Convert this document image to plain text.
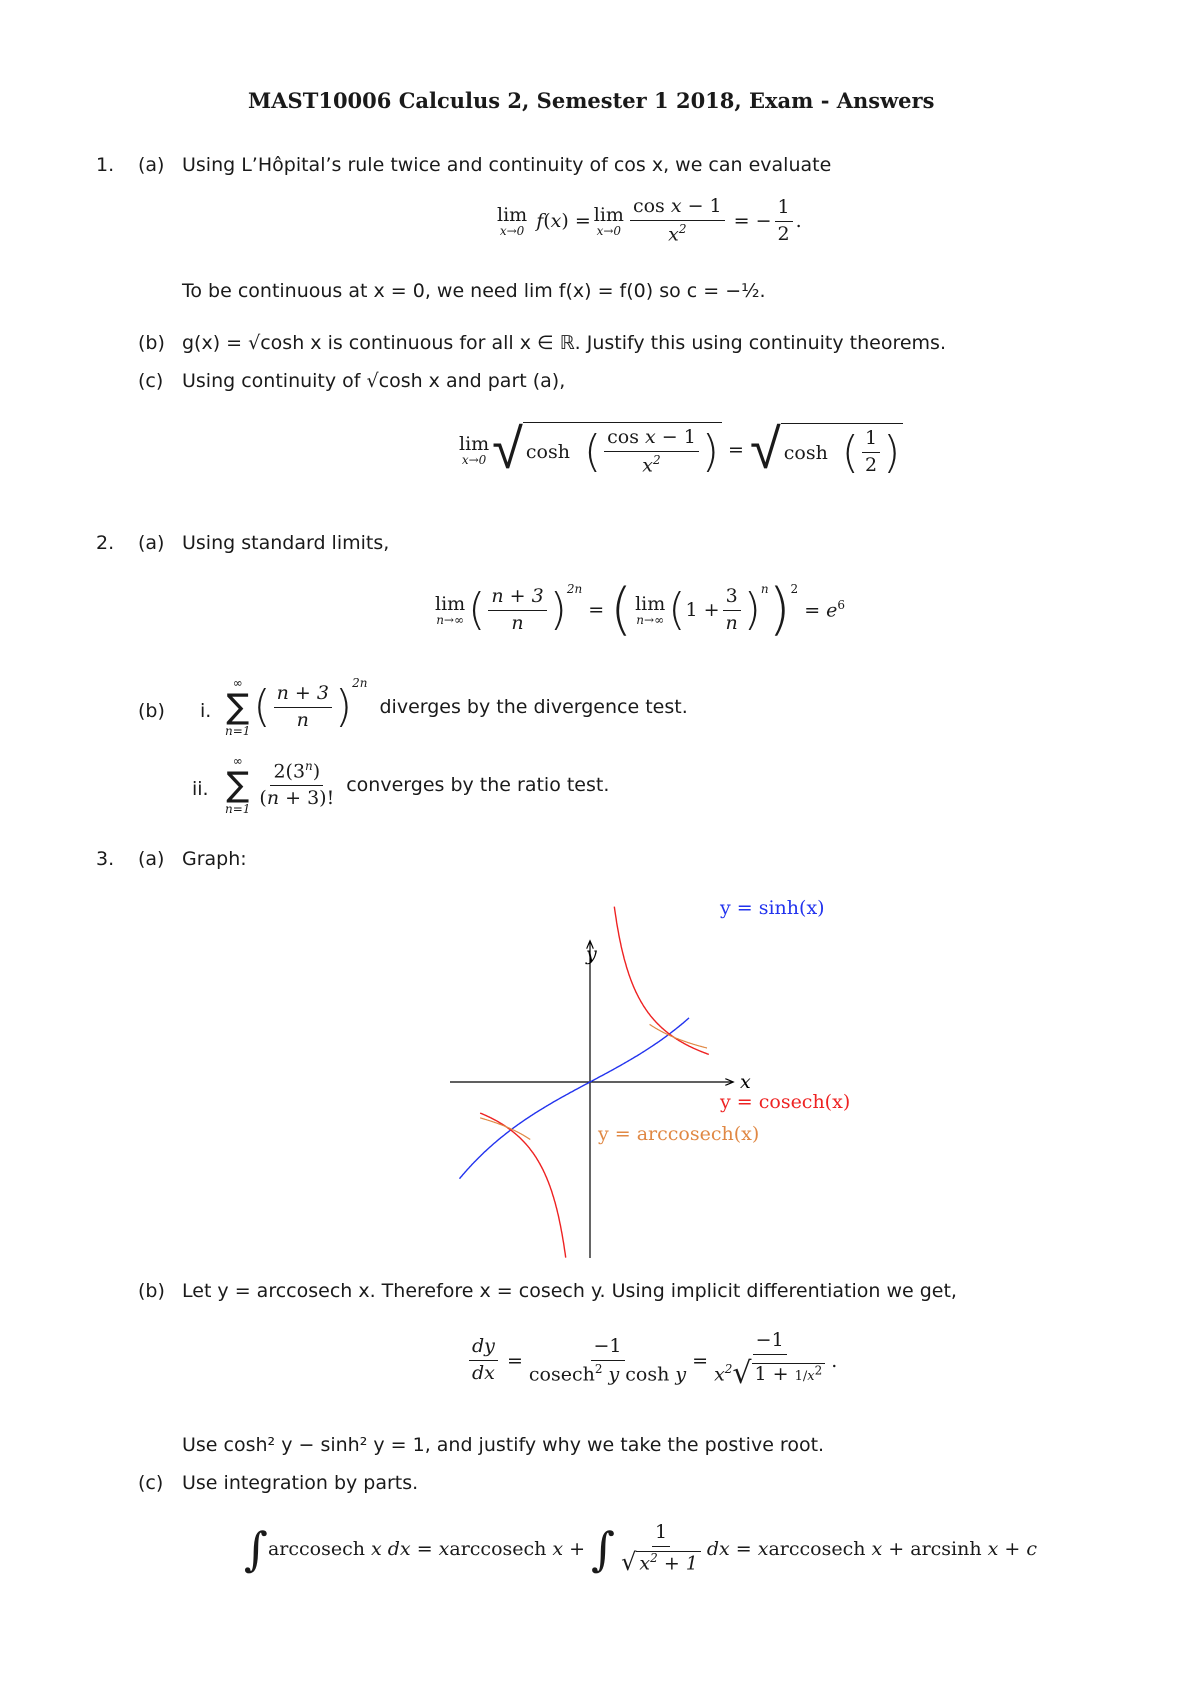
MAST10006 Calculus 2, Semester 1 2018, Exam - Answers
1. (a) Using L’Hôpital’s rule twice and continuity of cos x, we can evaluate
lim
x→0 f ( x ) = lim
$x\to 0 \frac{\text{cos x − 1}}{x^2}$ = − $\frac{1}{2}$ .
To be continuous at x = 0, we need lim f(x) = f(0) so c = −½.
(b) g(x) = √cosh x is continuous for all x ∈ ℝ. Justify this using continuity theorems.
(c) Using continuity of √cosh x and part (a),
lim
x→0 √ cosh ( $\frac{\text{cos x − 1}}{x^2}$ ) = √ cosh ( $\frac{1}{2}$ )
2. (a) Using standard limits,
lim
n→∞ ( $\frac{n + 3}{n} )^{2n}$
= ( lim
n→∞ ( $1 + \frac{3}{n} )^n$ )$^2$
= $e^6$
(b) i.
∞
∑
n=1 ( $\frac{n + 3}{n} )^{2n}$
diverges by the divergence test.
ii.
∞
∑
$n=1 \frac{2(3^n)}{(n + 3)!}$ converges by the ratio test.
3. (a) Graph:
x
y
y = sinh(x)
y = cosech(x)
y = arccosech(x)
(b) Let y = arccosech x. Therefore x = cosech y. Using implicit differentiation we get,
$\frac{dy}{dx} = \frac{-1}{cosech^2 y \cosh y} = \frac{-1}{x^2 √ 1 + 1/x^2}$ .
Use cosh² y − sinh² y = 1, and justify why we take the postive root.
(c) Use integration by parts.
∫ arccosech x dx = xarccosech x + ∫ $\frac{1}{√ x^2 + 1}$ dx = xarccosech x + arcsinh x + c
